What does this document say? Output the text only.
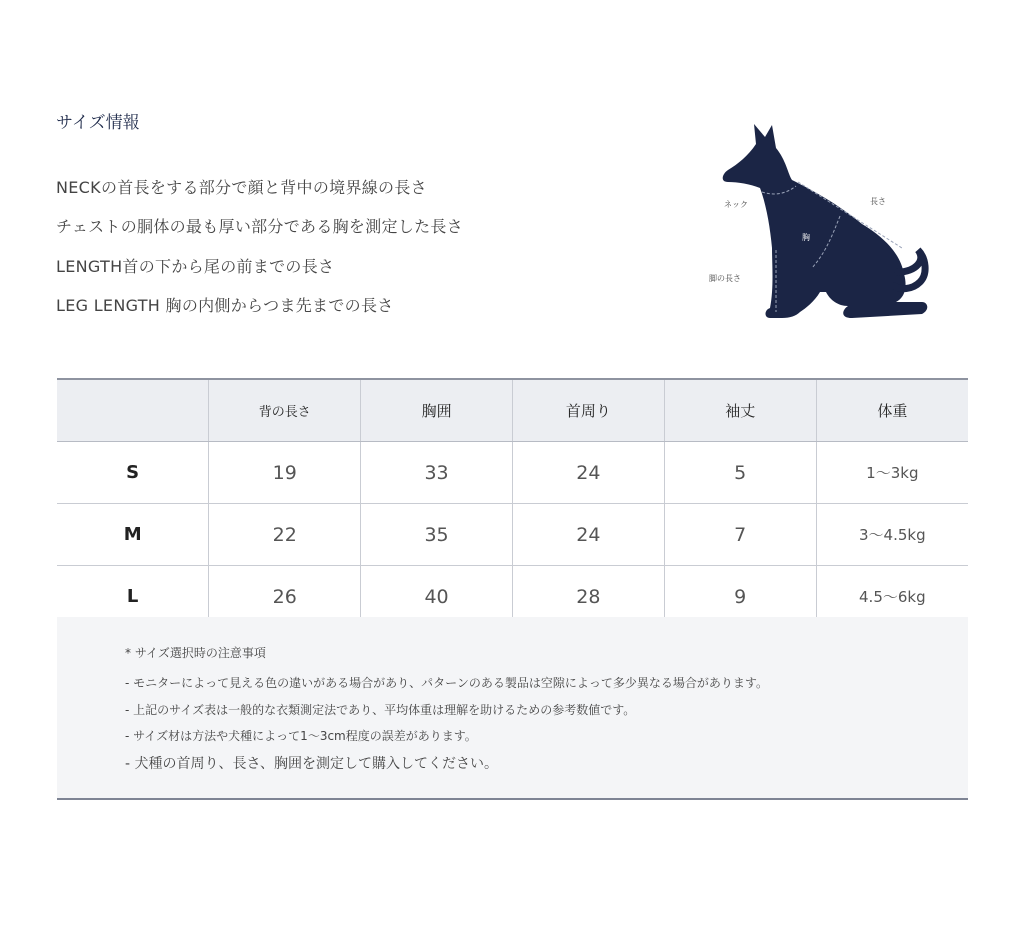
サイズ情報
NECKの首長をする部分で顔と背中の境界線の長さ
チェストの胴体の最も厚い部分である胸を測定した長さ
LENGTH首の下から尾の前までの長さ
LEG LENGTH 胸の内側からつま先までの長さ
ネック	長さ
胸
脚の長さ
	背の長さ	胸囲	首周り	袖丈	体重
S	19	33	24	5	1〜3kg
M	22	35	24	7	3〜4.5kg
L	26	40	28	9	4.5〜6kg
* サイズ選択時の注意事項
- モニターによって見える色の違いがある場合があり、パターンのある製品は空隙によって多少異なる場合があります。
- 上記のサイズ表は一般的な衣類測定法であり、平均体重は理解を助けるための参考数値です。
- サイズ材は方法や犬種によって1〜3cm程度の誤差があります。
- 犬種の首周り、長さ、胸囲を測定して購入してください。
